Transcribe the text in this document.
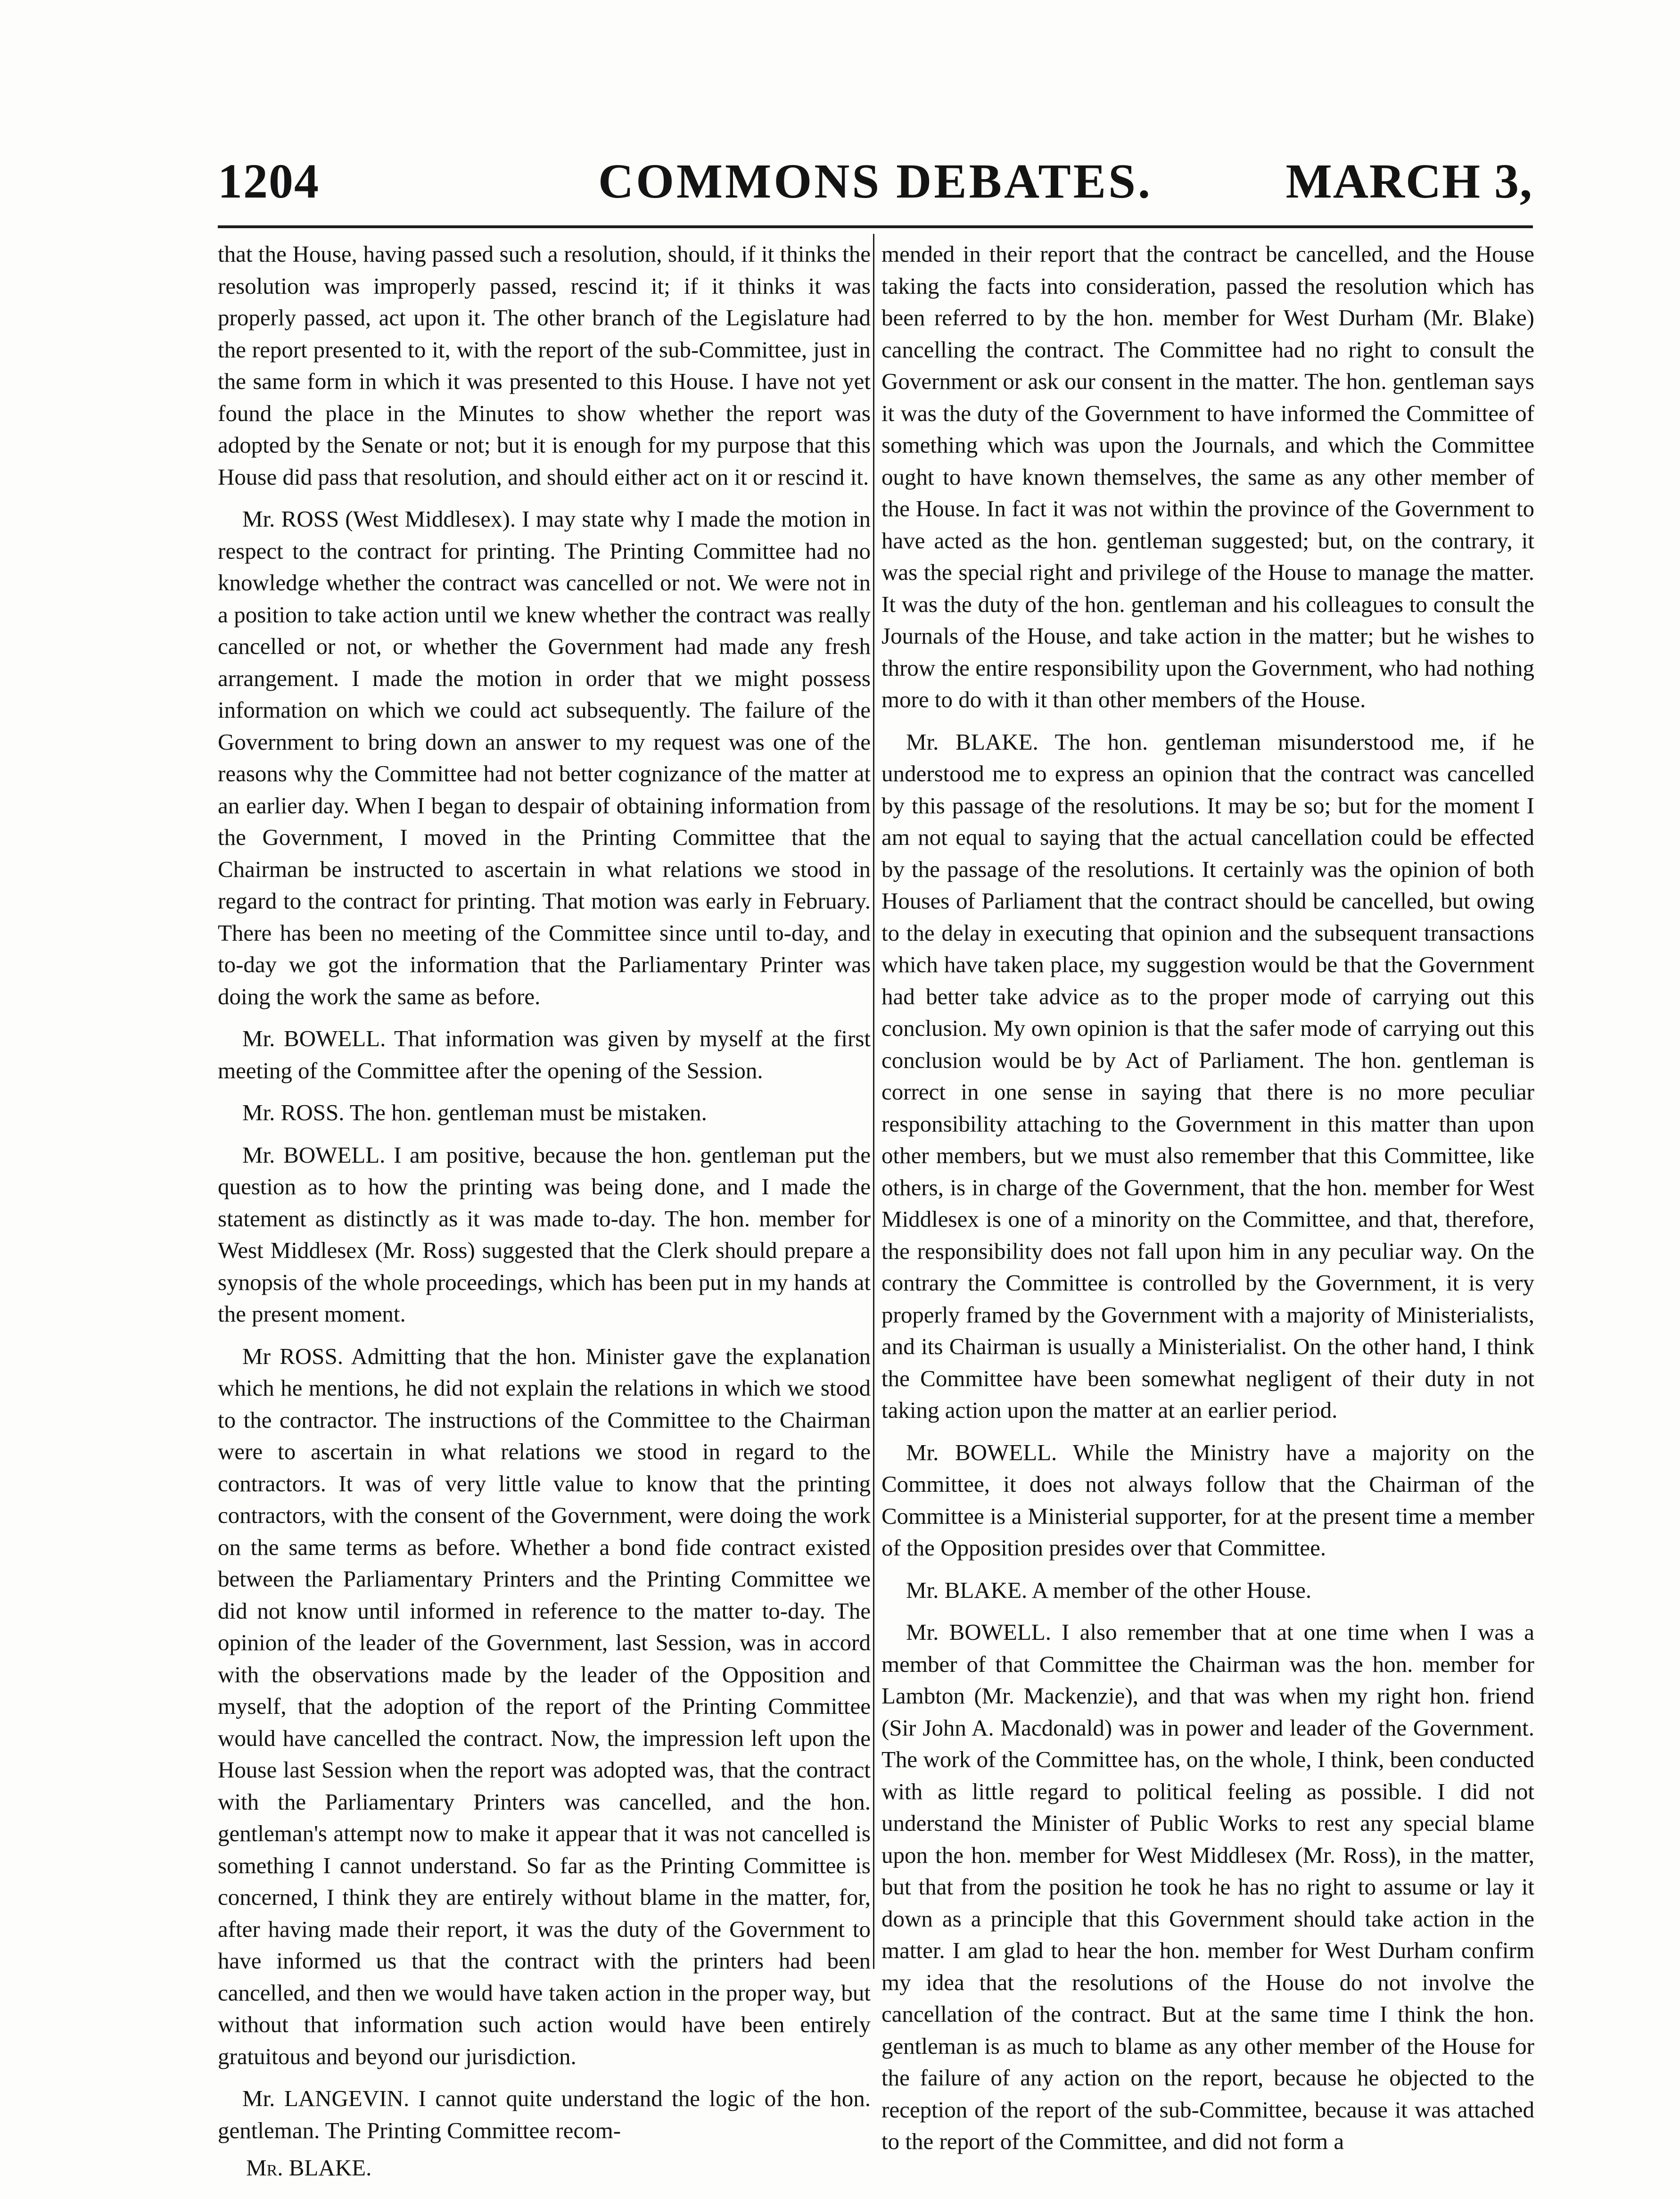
1204	COMMONS DEBATES.	MARCH 3,

that the House, having passed such a resolution, should, if it thinks the resolution was improperly passed, rescind it; if it thinks it was properly passed, act upon it. The other branch of the Legislature had the report presented to it, with the report of the sub-Committee, just in the same form in which it was presented to this House. I have not yet found the place in the Minutes to show whether the report was adopted by the Senate or not; but it is enough for my purpose that this House did pass that resolution, and should either act on it or rescind it.

Mr. ROSS (West Middlesex). I may state why I made the motion in respect to the contract for printing. The Printing Committee had no knowledge whether the contract was cancelled or not. We were not in a position to take action until we knew whether the contract was really cancelled or not, or whether the Government had made any fresh arrangement. I made the motion in order that we might possess information on which we could act subsequently. The failure of the Government to bring down an answer to my request was one of the reasons why the Committee had not better cognizance of the matter at an earlier day. When I began to despair of obtaining information from the Government, I moved in the Printing Committee that the Chairman be instructed to ascertain in what relations we stood in regard to the contract for printing. That motion was early in February. There has been no meeting of the Committee since until to-day, and to-day we got the information that the Parliamentary Printer was doing the work the same as before.

Mr. BOWELL. That information was given by myself at the first meeting of the Committee after the opening of the Session.

Mr. ROSS. The hon. gentleman must be mistaken.

Mr. BOWELL. I am positive, because the hon. gentleman put the question as to how the printing was being done, and I made the statement as distinctly as it was made to-day. The hon. member for West Middlesex (Mr. Ross) suggested that the Clerk should prepare a synopsis of the whole proceedings, which has been put in my hands at the present moment.

Mr ROSS. Admitting that the hon. Minister gave the explanation which he mentions, he did not explain the relations in which we stood to the contractor. The instructions of the Committee to the Chairman were to ascertain in what relations we stood in regard to the contractors. It was of very little value to know that the printing contractors, with the consent of the Government, were doing the work on the same terms as before. Whether a bond fide contract existed between the Parliamentary Printers and the Printing Committee we did not know until informed in reference to the matter to-day. The opinion of the leader of the Government, last Session, was in accord with the observations made by the leader of the Opposition and myself, that the adoption of the report of the Printing Committee would have cancelled the contract. Now, the impression left upon the House last Session when the report was adopted was, that the contract with the Parliamentary Printers was cancelled, and the hon. gentleman's attempt now to make it appear that it was not cancelled is something I cannot understand. So far as the Printing Committee is concerned, I think they are entirely without blame in the matter, for, after having made their report, it was the duty of the Government to have informed us that the contract with the printers had been cancelled, and then we would have taken action in the proper way, but without that information such action would have been entirely gratuitous and beyond our jurisdiction.

Mr. LANGEVIN. I cannot quite understand the logic of the hon. gentleman. The Printing Committee recom-

Mr. BLAKE.

mended in their report that the contract be cancelled, and the House taking the facts into consideration, passed the resolution which has been referred to by the hon. member for West Durham (Mr. Blake) cancelling the contract. The Committee had no right to consult the Government or ask our consent in the matter. The hon. gentleman says it was the duty of the Government to have informed the Committee of something which was upon the Journals, and which the Committee ought to have known themselves, the same as any other member of the House. In fact it was not within the province of the Government to have acted as the hon. gentleman suggested; but, on the contrary, it was the special right and privilege of the House to manage the matter. It was the duty of the hon. gentleman and his colleagues to consult the Journals of the House, and take action in the matter; but he wishes to throw the entire responsibility upon the Government, who had nothing more to do with it than other members of the House.

Mr. BLAKE. The hon. gentleman misunderstood me, if he understood me to express an opinion that the contract was cancelled by this passage of the resolutions. It may be so; but for the moment I am not equal to saying that the actual cancellation could be effected by the passage of the resolutions. It certainly was the opinion of both Houses of Parliament that the contract should be cancelled, but owing to the delay in executing that opinion and the subsequent transactions which have taken place, my suggestion would be that the Government had better take advice as to the proper mode of carrying out this conclusion. My own opinion is that the safer mode of carrying out this conclusion would be by Act of Parliament. The hon. gentleman is correct in one sense in saying that there is no more peculiar responsibility attaching to the Government in this matter than upon other members, but we must also remember that this Committee, like others, is in charge of the Government, that the hon. member for West Middlesex is one of a minority on the Committee, and that, therefore, the responsibility does not fall upon him in any peculiar way. On the contrary the Committee is controlled by the Government, it is very properly framed by the Government with a majority of Ministerialists, and its Chairman is usually a Ministerialist. On the other hand, I think the Committee have been somewhat negligent of their duty in not taking action upon the matter at an earlier period.

Mr. BOWELL. While the Ministry have a majority on the Committee, it does not always follow that the Chairman of the Committee is a Ministerial supporter, for at the present time a member of the Opposition presides over that Committee.

Mr. BLAKE. A member of the other House.

Mr. BOWELL. I also remember that at one time when I was a member of that Committee the Chairman was the hon. member for Lambton (Mr. Mackenzie), and that was when my right hon. friend (Sir John A. Macdonald) was in power and leader of the Government. The work of the Committee has, on the whole, I think, been conducted with as little regard to political feeling as possible. I did not understand the Minister of Public Works to rest any special blame upon the hon. member for West Middlesex (Mr. Ross), in the matter, but that from the position he took he has no right to assume or lay it down as a principle that this Government should take action in the matter. I am glad to hear the hon. member for West Durham confirm my idea that the resolutions of the House do not involve the cancellation of the contract. But at the same time I think the hon. gentleman is as much to blame as any other member of the House for the failure of any action on the report, because he objected to the reception of the report of the sub-Committee, because it was attached to the report of the Committee, and did not form a
